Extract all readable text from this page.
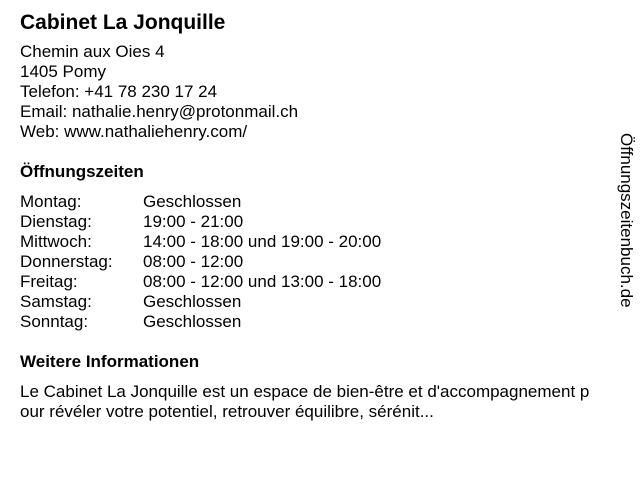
Cabinet La Jonquille
Chemin aux Oies 4
1405 Pomy
Telefon: +41 78 230 17 24
Email: nathalie.henry@protonmail.ch
Web: www.nathaliehenry.com/
Öffnungszeiten
Montag:	Geschlossen
Dienstag:	19:00 - 21:00
Mittwoch:	14:00 - 18:00 und 19:00 - 20:00
Donnerstag:	08:00 - 12:00
Freitag:	08:00 - 12:00 und 13:00 - 18:00
Samstag:	Geschlossen
Sonntag:	Geschlossen
Weitere Informationen

Le Cabinet La Jonquille est un espace de bien-être et d'accompagnement pour révéler votre potentiel, retrouver équilibre, sérénit...

Öffnungszeitenbuch.de
